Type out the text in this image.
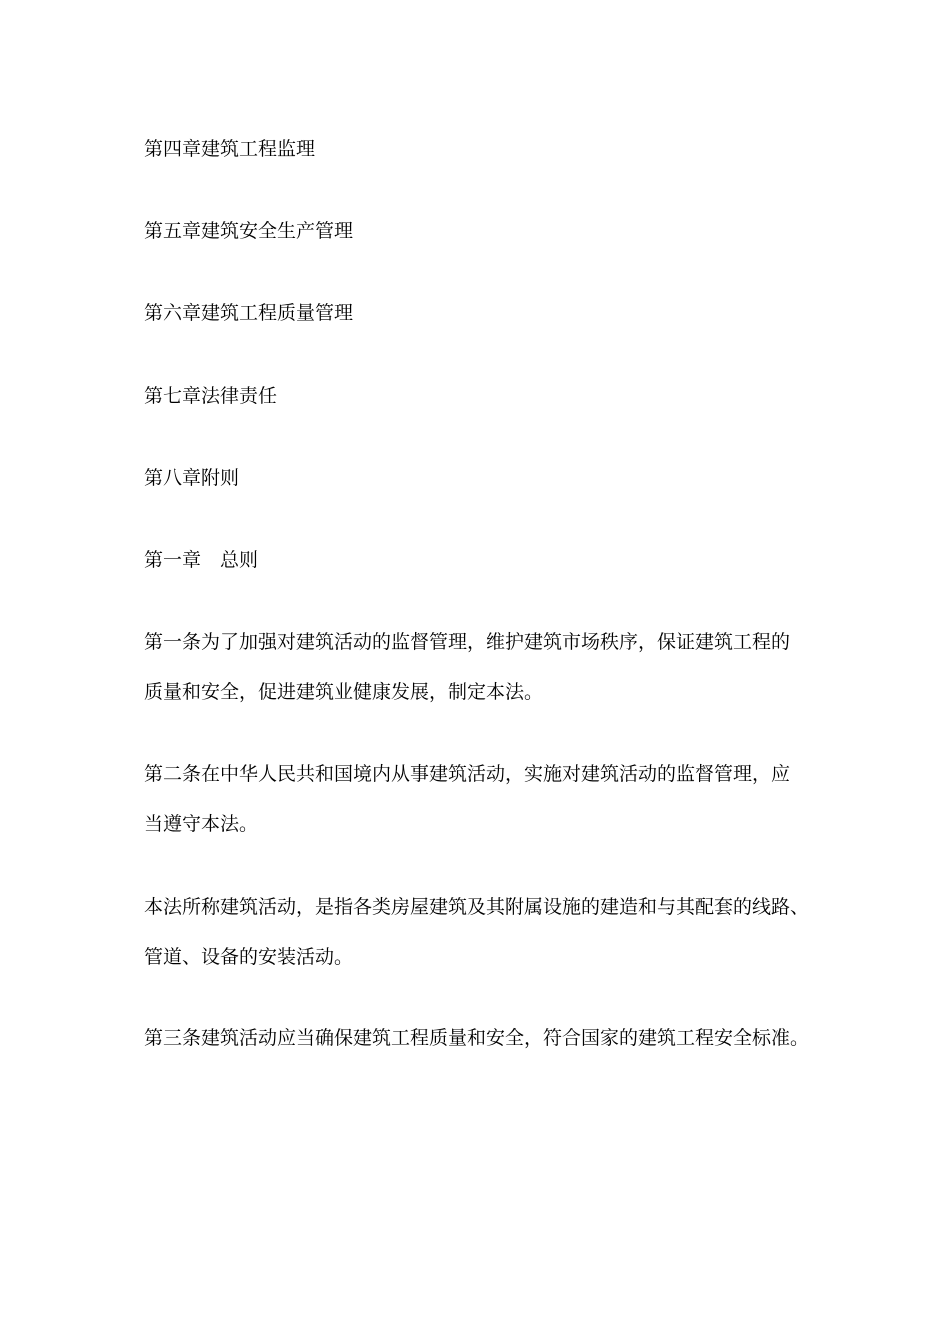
第四章建筑工程监理
第五章建筑安全生产管理
第六章建筑工程质量管理
第七章法律责任
第八章附则
第一章　总则
第一条为了加强对建筑活动的监督管理，维护建筑市场秩序，保证建筑工程的
质量和安全，促进建筑业健康发展，制定本法。
第二条在中华人民共和国境内从事建筑活动，实施对建筑活动的监督管理，应
当遵守本法。
本法所称建筑活动，是指各类房屋建筑及其附属设施的建造和与其配套的线路、
管道、设备的安装活动。
第三条建筑活动应当确保建筑工程质量和安全，符合国家的建筑工程安全标准。
